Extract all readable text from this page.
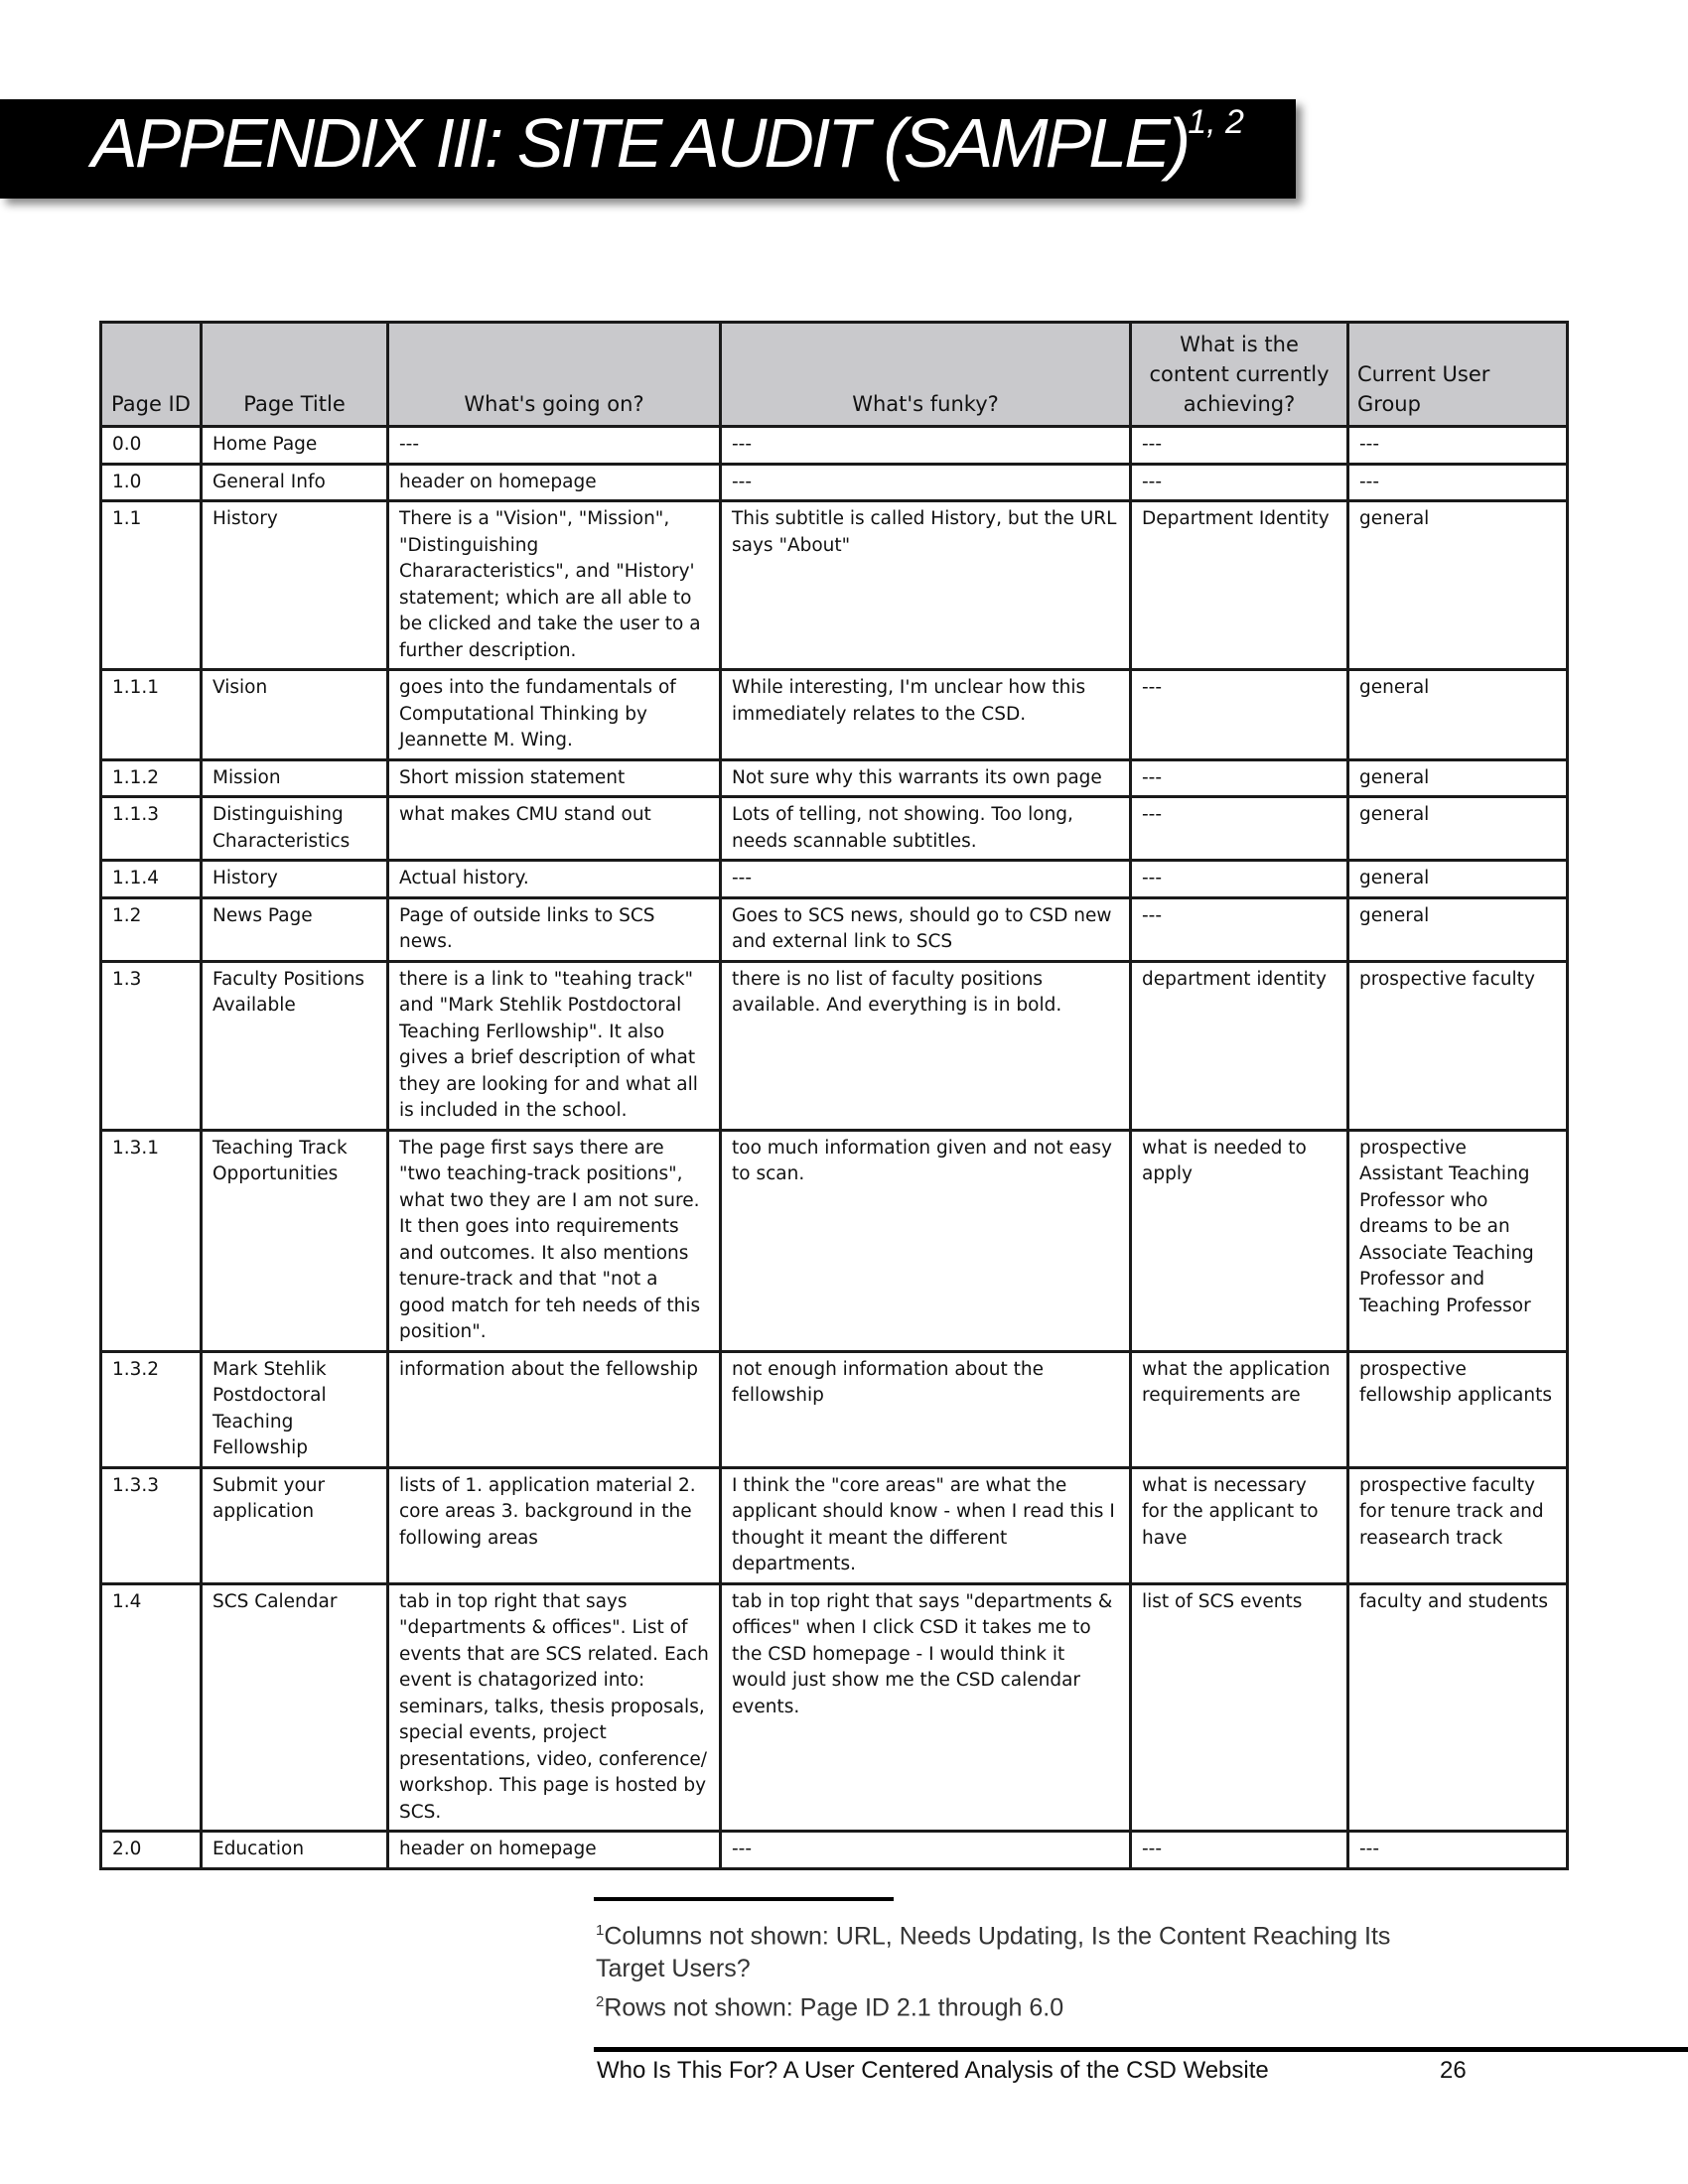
APPENDIX III: SITE AUDIT (SAMPLE)$^{1, 2}$
Page ID	Page Title	What's going on?	What's funky?	What is the content currently achieving?	Current User Group
0.0	Home Page	---	---	---	---
1.0	General Info	header on homepage	---	---	---
1.1	History	There is a "Vision", "Mission", "Distinguishing Chararacteristics", and "History' statement; which are all able to be clicked and take the user to a further description.	This subtitle is called History, but the URL says "About"	Department Identity	general
1.1.1	Vision	goes into the fundamentals of Computational Thinking by Jeannette M. Wing.	While interesting, I'm unclear how this immediately relates to the CSD.	---	general
1.1.2	Mission	Short mission statement	Not sure why this warrants its own page	---	general
1.1.3	Distinguishing Characteristics	what makes CMU stand out	Lots of telling, not showing. Too long, needs scannable subtitles.	---	general
1.1.4	History	Actual history.	---	---	general
1.2	News Page	Page of outside links to SCS news.	Goes to SCS news, should go to CSD new and external link to SCS	---	general
1.3	Faculty Positions Available	there is a link to "teahing track" and "Mark Stehlik Postdoctoral Teaching Ferllowship". It also gives a brief description of what they are looking for and what all is included in the school.	there is no list of faculty positions available. And everything is in bold.	department identity	prospective faculty
1.3.1	Teaching Track Opportunities	The page first says there are "two teaching-track positions", what two they are I am not sure. It then goes into requirements and outcomes. It also mentions tenure-track and that "not a good match for teh needs of this position".	too much information given and not easy to scan.	what is needed to apply	prospective Assistant Teaching Professor who dreams to be an Associate Teaching Professor and Teaching Professor
1.3.2	Mark Stehlik Postdoctoral Teaching Fellowship	information about the fellowship	not enough information about the fellowship	what the application requirements are	prospective fellowship applicants
1.3.3	Submit your application	lists of 1. application material 2. core areas 3. background in the following areas	I think the "core areas" are what the applicant should know - when I read this I thought it meant the different departments.	what is necessary for the applicant to have	prospective faculty for tenure track and reasearch track
1.4	SCS Calendar	tab in top right that says "departments & offices". List of events that are SCS related. Each event is chatagorized into: seminars, talks, thesis proposals, special events, project presentations, video, conference/ workshop. This page is hosted by SCS.	tab in top right that says "departments & offices" when I click CSD it takes me to the CSD homepage - I would think it would just show me the CSD calendar events.	list of SCS events	faculty and students
2.0	Education	header on homepage	---	---	---
$^1$Columns not shown: URL, Needs Updating, Is the Content Reaching Its Target Users?
$^2$Rows not shown: Page ID 2.1 through 6.0
Who Is This For? A User Centered Analysis of the CSD Website	26
